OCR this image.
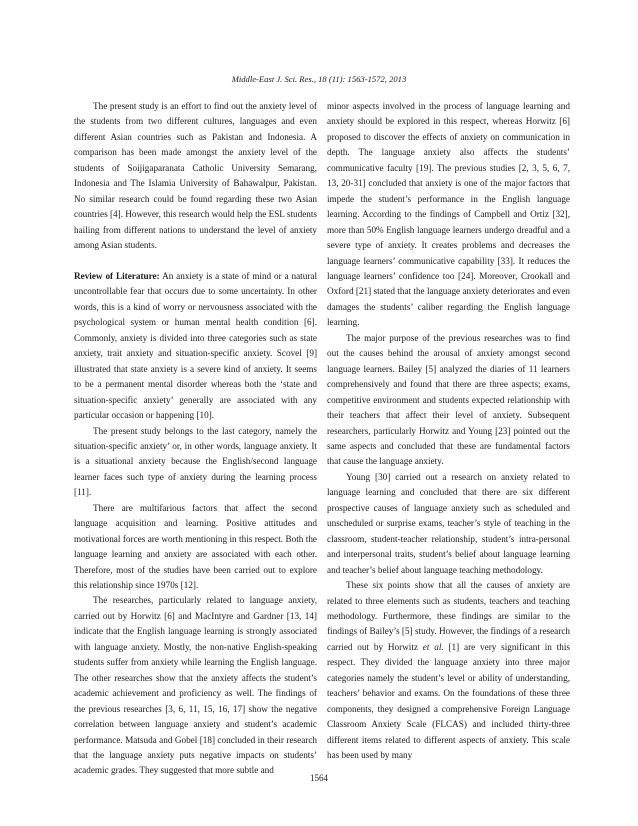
Middle-East J. Sci. Res., 18 (11): 1563-1572, 2013

The present study is an effort to find out the anxiety level of the students from two different cultures, languages and even different Asian countries such as Pakistan and Indonesia. A comparison has been made amongst the anxiety level of the students of Soijigaparanata Catholic University Semarang, Indonesia and The Islamia University of Bahawalpur, Pakistan. No similar research could be found regarding these two Asian countries [4]. However, this research would help the ESL students hailing from different nations to understand the level of anxiety among Asian students.

Review of Literature: An anxiety is a state of mind or a natural uncontrollable fear that occurs due to some uncertainty. In other words, this is a kind of worry or nervousness associated with the psychological system or human mental health condition [6]. Commonly, anxiety is divided into three categories such as state anxiety, trait anxiety and situation-specific anxiety. Scovel [9] illustrated that state anxiety is a severe kind of anxiety. It seems to be a permanent mental disorder whereas both the ‘state and situation-specific anxiety’ generally are associated with any particular occasion or happening [10].

The present study belongs to the last category, namely the situation-specific anxiety’ or, in other words, language anxiety. It is a situational anxiety because the English/second language learner faces such type of anxiety during the learning process [11].

There are multifarious factors that affect the second language acquisition and learning. Positive attitudes and motivational forces are worth mentioning in this respect. Both the language learning and anxiety are associated with each other. Therefore, most of the studies have been carried out to explore this relationship since 1970s [12].

The researches, particularly related to language anxiety, carried out by Horwitz [6] and MacIntyre and Gardner [13, 14] indicate that the English language learning is strongly associated with language anxiety. Mostly, the non-native English-speaking students suffer from anxiety while learning the English language. The other researches show that the anxiety affects the student’s academic achievement and proficiency as well. The findings of the previous researches [3, 6, 11, 15, 16, 17] show the negative correlation between language anxiety and student’s academic performance. Matsuda and Gobel [18] concluded in their research that the language anxiety puts negative impacts on students’ academic grades. They suggested that more subtle and

minor aspects involved in the process of language learning and anxiety should be explored in this respect, whereas Horwitz [6] proposed to discover the effects of anxiety on communication in depth. The language anxiety also affects the students’ communicative faculty [19]. The previous studies [2, 3, 5, 6, 7, 13, 20-31] concluded that anxiety is one of the major factors that impede the student’s performance in the English language learning. According to the findings of Campbell and Ortiz [32], more than 50% English language learners undergo dreadful and a severe type of anxiety. It creates problems and decreases the language learners’ communicative capability [33]. It reduces the language learners’ confidence too [24]. Moreover, Crookall and Oxford [21] stated that the language anxiety deteriorates and even damages the students’ caliber regarding the English language learning.

The major purpose of the previous researches was to find out the causes behind the arousal of anxiety amongst second language learners. Bailey [5] analyzed the diaries of 11 learners comprehensively and found that there are three aspects; exams, competitive environment and students expected relationship with their teachers that affect their level of anxiety. Subsequent researchers, particularly Horwitz and Young [23] pointed out the same aspects and concluded that these are fundamental factors that cause the language anxiety.

Young [30] carried out a research on anxiety related to language learning and concluded that there are six different prospective causes of language anxiety such as scheduled and unscheduled or surprise exams, teacher’s style of teaching in the classroom, student-teacher relationship, student’s intra-personal and interpersonal traits, student’s belief about language learning and teacher’s belief about language teaching methodology.

These six points show that all the causes of anxiety are related to three elements such as students, teachers and teaching methodology. Furthermore, these findings are similar to the findings of Bailey’s [5] study. However, the findings of a research carried out by Horwitz et al. [1] are very significant in this respect. They divided the language anxiety into three major categories namely the student’s level or ability of understanding, teachers’ behavior and exams. On the foundations of these three components, they designed a comprehensive Foreign Language Classroom Anxiety Scale (FLCAS) and included thirty-three different items related to different aspects of anxiety. This scale has been used by many

1564
